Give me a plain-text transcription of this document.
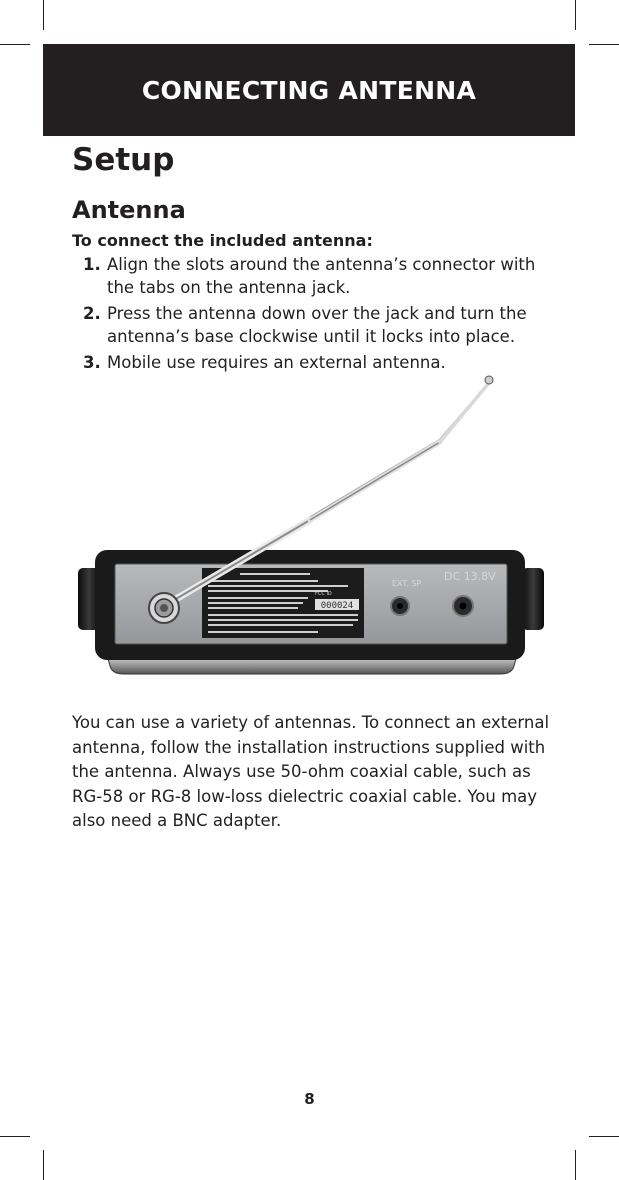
CONNECTING ANTENNA
Setup
Antenna

To connect the included antenna:

1. Align the slots around the antenna’s connector with the tabs on the antenna jack.
2. Press the antenna down over the jack and turn the antenna’s base clockwise until it locks into place.
3. Mobile use requires an external antenna.
FCC ID
000024
EXT. SP
DC 13.8V

You can use a variety of antennas. To connect an external antenna, follow the installation instructions supplied with the antenna. Always use 50-ohm coaxial cable, such as RG-58 or RG-8 low-loss dielectric coaxial cable. You may also need a BNC adapter.

8
